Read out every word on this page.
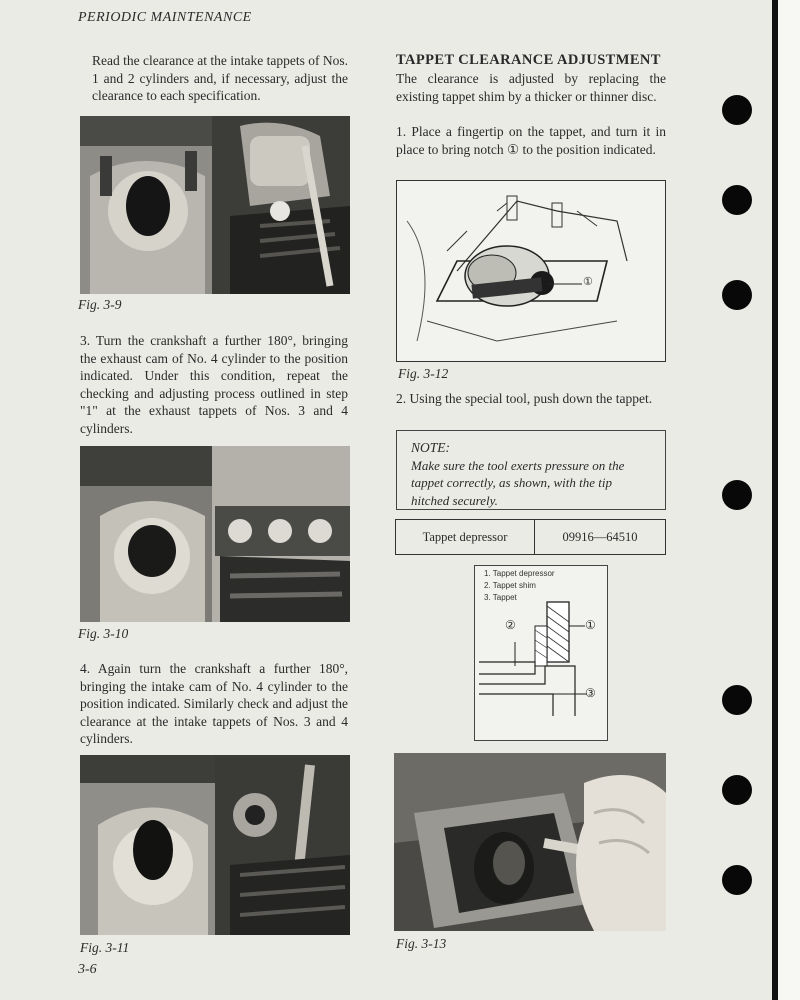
PERIODIC MAINTENANCE
Read the clearance at the intake tappets of Nos. 1 and 2 cylinders and, if necessary, adjust the clearance to each specification.
Fig. 3-9
3. Turn the crankshaft a further 180°, bringing the exhaust cam of No. 4 cylinder to the position indicated. Under this condition, repeat the checking and adjusting process outlined in step "1" at the exhaust tappets of Nos. 3 and 4 cylinders.
Fig. 3-10
4. Again turn the crankshaft a further 180°, bringing the intake cam of No. 4 cylinder to the position indicated. Similarly check and adjust the clearance at the intake tappets of Nos. 3 and 4 cylinders.
Fig. 3-11
3-6
TAPPET CLEARANCE ADJUSTMENT
The clearance is adjusted by replacing the existing tappet shim by a thicker or thinner disc.
1. Place a fingertip on the tappet, and turn it in place to bring notch ① to the position indicated.
①
Fig. 3-12
2. Using the special tool, push down the tappet.
NOTE:
Make sure the tool exerts pressure on the tappet correctly, as shown, with the tip hitched securely.
Tappet depressor	09916—64510
②	①
③
1. Tappet depressor
2. Tappet shim
3. Tappet
Fig. 3-13
